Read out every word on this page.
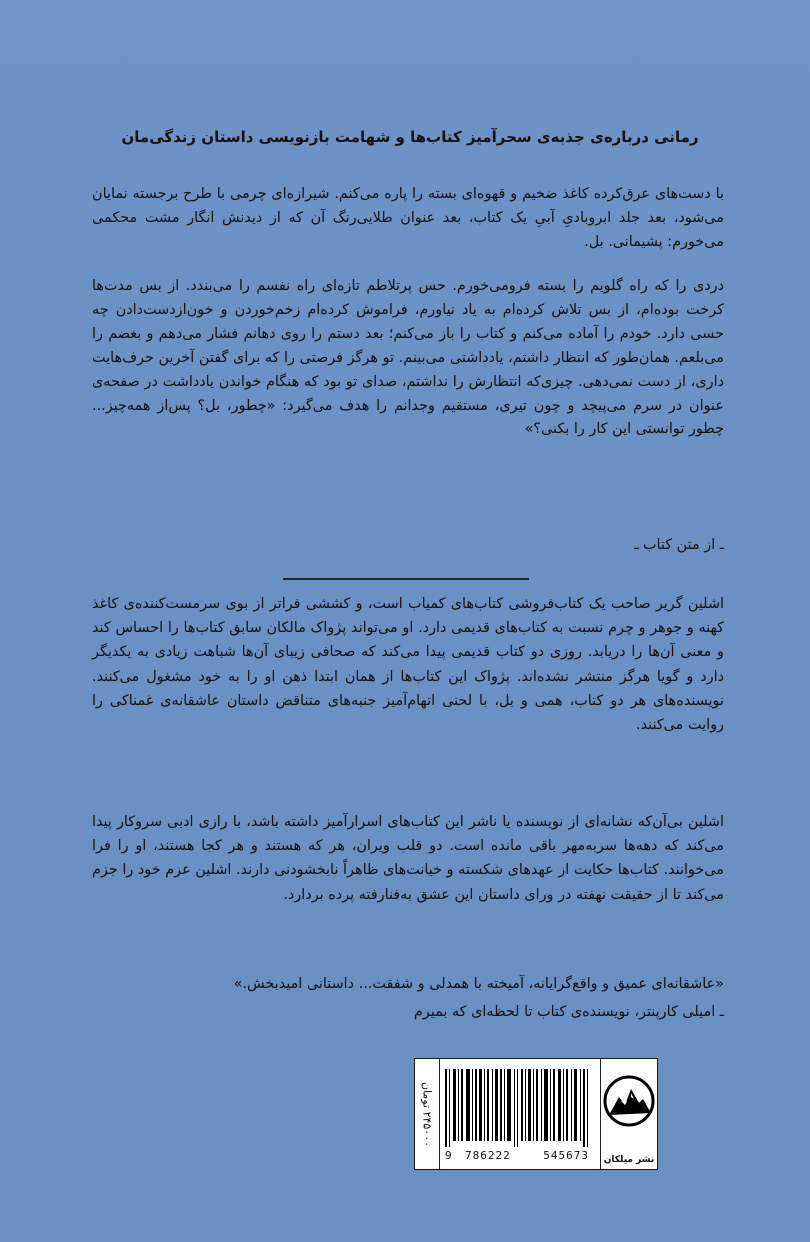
رمانی درباره‌ی جذبه‌ی سحرآمیز کتاب‌ها و شهامت بازنویسی داستان زندگی‌مان

با دست‌های عرق‌کرده کاغذ ضخیم و قهوه‌ای بسته را پاره می‌کنم. شیرازه‌ای چرمی با طرح برجسته نمایان می‌شود، بعد جلد ابروبادیِ آبیِ یک کتاب، بعد عنوان طلایی‌رنگ آن که از دیدنش انگار مشت محکمی می‌خورم: پشیمانی. بل.

دردی را که راه گلویم را بسته فرومی‌خورم. حس پرتلاطم تازه‌ای راه نفسم را می‌بندد. از بس مدت‌ها کرخت بوده‌ام، از بس تلاش کرده‌ام به یاد نیاورم، فراموش کرده‌ام زخم‌خوردن و خون‌ازدست‌دادن چه حسی دارد. خودم را آماده می‌کنم و کتاب را باز می‌کنم؛ بعد دستم را روی دهانم فشار می‌دهم و بغضم را می‌بلعم. همان‌طور که انتظار داشتم، یادداشتی می‌بینم. تو هرگز فرصتی را که برای گفتن آخرین حرف‌هایت داری، از دست نمی‌دهی. چیزی‌که انتظارش را نداشتم، صدای تو بود که هنگام خواندن یادداشت در صفحه‌ی عنوان در سرم می‌پیچد و چون تیری، مستقیم وجدانم را هدف می‌گیرد: «چطور، بل؟ پس‌از همه‌چیز... چطور توانستی این کار را بکنی؟»

ـ از متن کتاب ـ

اشلین گریر صاحب یک کتاب‌فروشی کتاب‌های کمیاب است، و کششی فراتر از بوی سرمست‌کننده‌ی کاغذ کهنه و جوهر و چرم نسبت به کتاب‌های قدیمی دارد. او می‌تواند پژواک مالکان سابق کتاب‌ها را احساس کند و معنی آن‌ها را دریابد. روزی دو کتاب قدیمی پیدا می‌کند که صحافی زیبای آن‌ها شباهت زیادی به یکدیگر دارد و گویا هرگز منتشر نشده‌اند. پژواک این کتاب‌ها از همان ابتدا ذهن او را به خود مشغول می‌کنند. نویسنده‌های هر دو کتاب، همی و بل، با لحنی اتهام‌آمیز جنبه‌های متناقض داستان عاشقانه‌ی غمناکی را روایت می‌کنند.

اشلین بی‌آن‌که نشانه‌ای از نویسنده یا ناشر این کتاب‌های اسرارآمیز داشته باشد، با رازی ادبی سروکار پیدا می‌کند که دهه‌ها سربه‌مهر باقی مانده است. دو قلب ویران، هر که هستند و هر کجا هستند، او را فرا می‌خوانند. کتاب‌ها حکایت از عهدهای شکسته و خیانت‌های ظاهراً نابخشودنی دارند. اشلین عزم خود را جزم می‌کند تا از حقیقت نهفته در ورای داستان این عشق به‌فنارفته پرده بردارد.

«عاشقانه‌ای عمیق و واقع‌گرایانه، آمیخته با همدلی و شفقت... داستانی امیدبخش.»
ـ امیلی کارپنتر، نویسنده‌ی کتاب تا لحظه‌ای که بمیرم
۲۴۵۰۰۰ تومان
9 786222	545673	نشر میلکان
